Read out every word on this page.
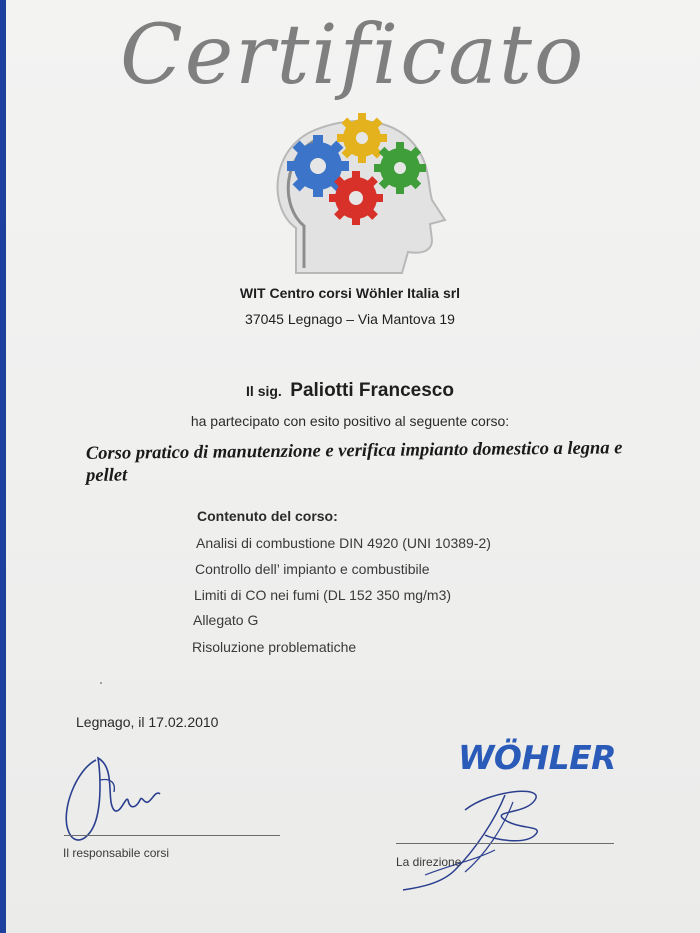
Certificato
WIT Centro corsi Wöhler Italia srl
37045 Legnago – Via Mantova 19
Il sig. Paliotti Francesco
ha partecipato con esito positivo al seguente corso:
Corso pratico di manutenzione e verifica impianto domestico a legna e pellet
Contenuto del corso:
Analisi di combustione DIN 4920 (UNI 10389-2)
Controllo dell’ impianto e combustibile
Limiti di CO nei fumi (DL 152 350 mg/m3)
Allegato G
Risoluzione problematiche
Legnago, il 17.02.2010
WÖHLER
Il responsabile corsi
La direzione
